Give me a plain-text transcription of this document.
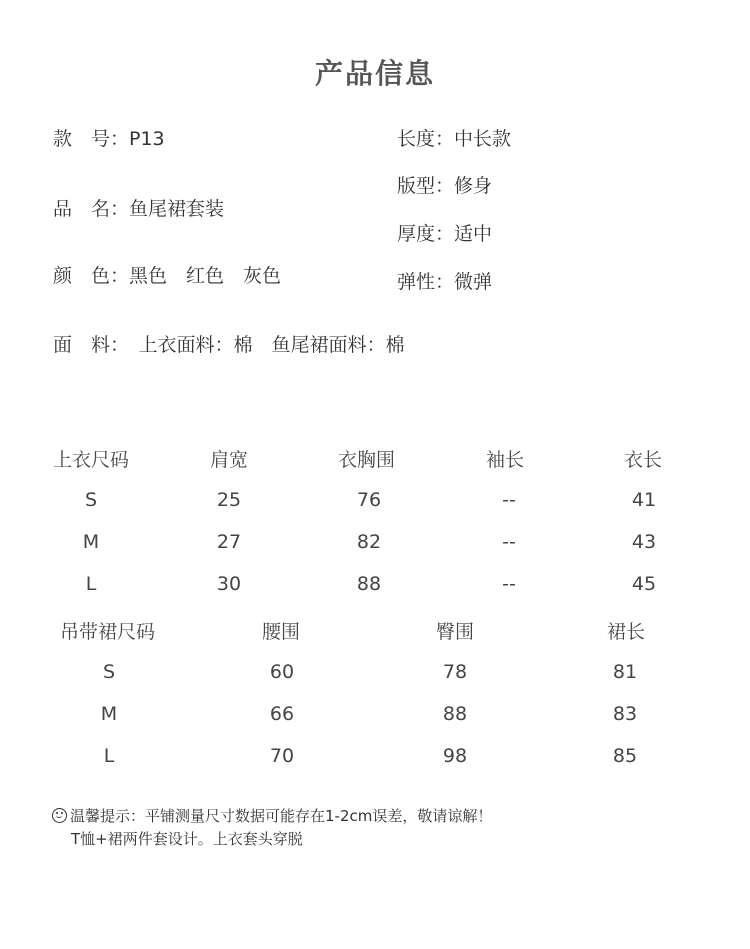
产品信息
款　号：P13
品　名：鱼尾裙套装
颜　色：黑色　红色　灰色
面　料：　上衣面料：棉　鱼尾裙面料：棉
长度：中长款
版型：修身
厚度：适中
弹性：微弹
上衣尺码	肩宽	衣胸围	袖长	衣长
S	25	76	--	41
M	27	82	--	43
L	30	88	--	45
吊带裙尺码	腰围	臀围	裙长
S	60	78	81
M	66	88	83
L	70	98	85
温馨提示：平铺测量尺寸数据可能存在1-2cm误差，敬请谅解！
T恤+裙两件套设计。上衣套头穿脱
